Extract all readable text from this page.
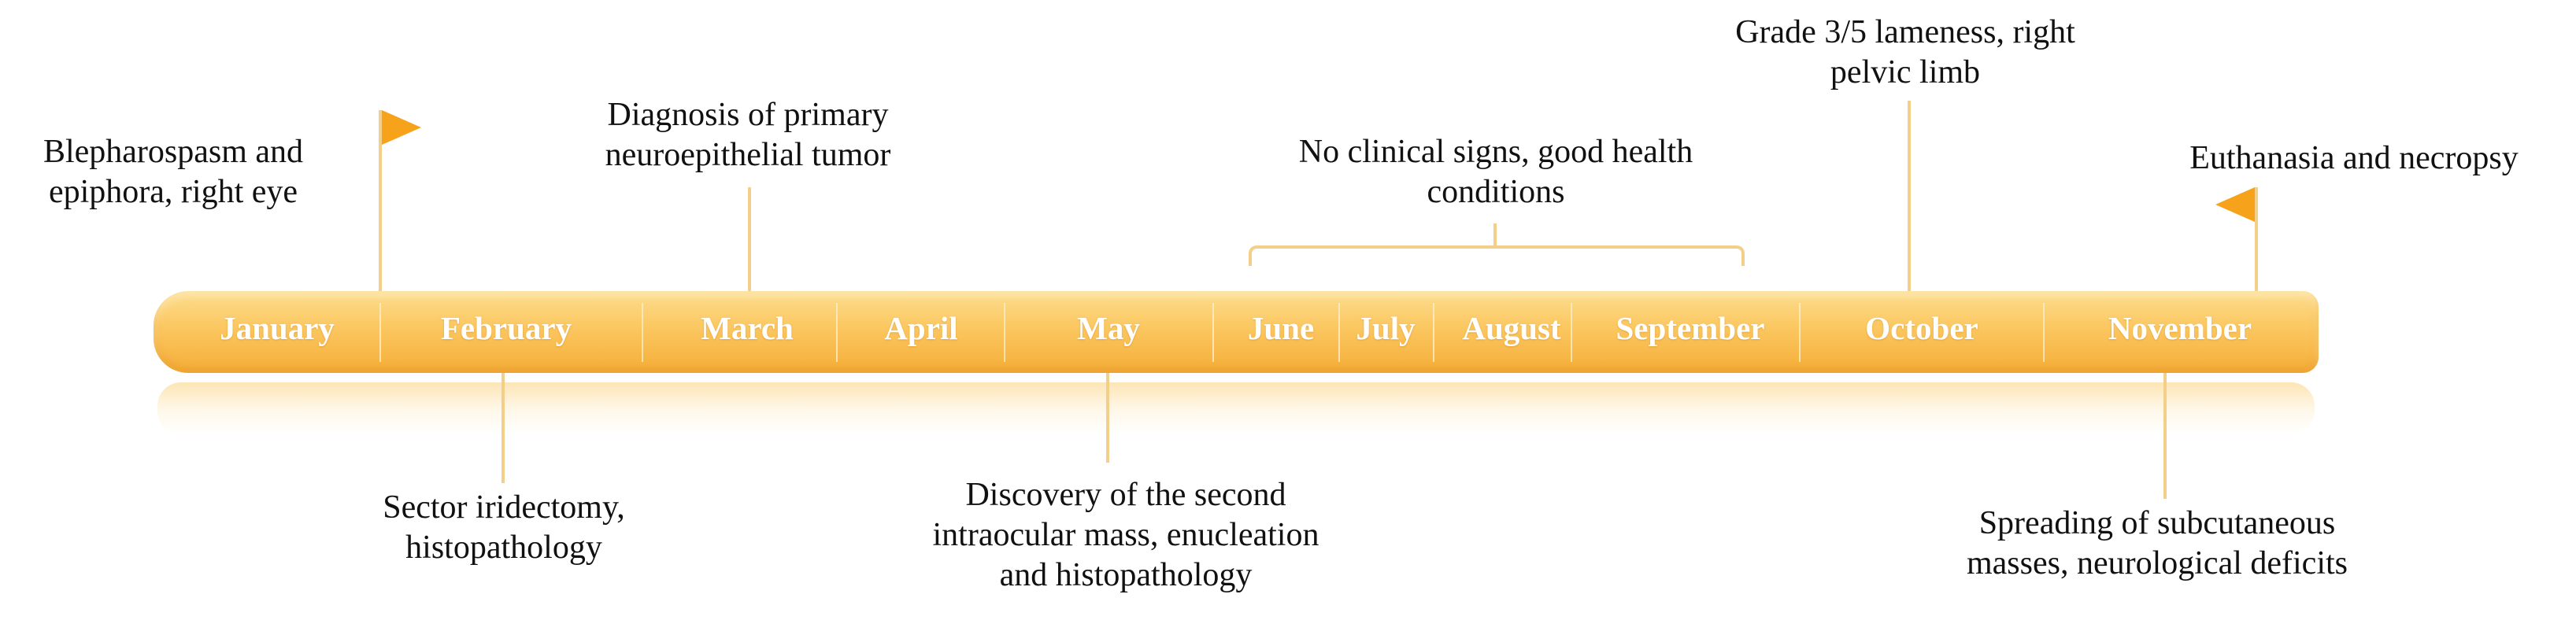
January	February	March	April	May	June July August September	October	November
Blepharospasm and
epiphora, right eye
Diagnosis of primary
neuroepithelial tumor	No clinical signs, good health
conditions
Grade 3/5 lameness, right
pelvic limb
Euthanasia and necropsy
Sector iridectomy,
histopathology
Discovery of the second
intraocular mass, enucleation
and histopathology
Spreading of subcutaneous
masses, neurological deficits
